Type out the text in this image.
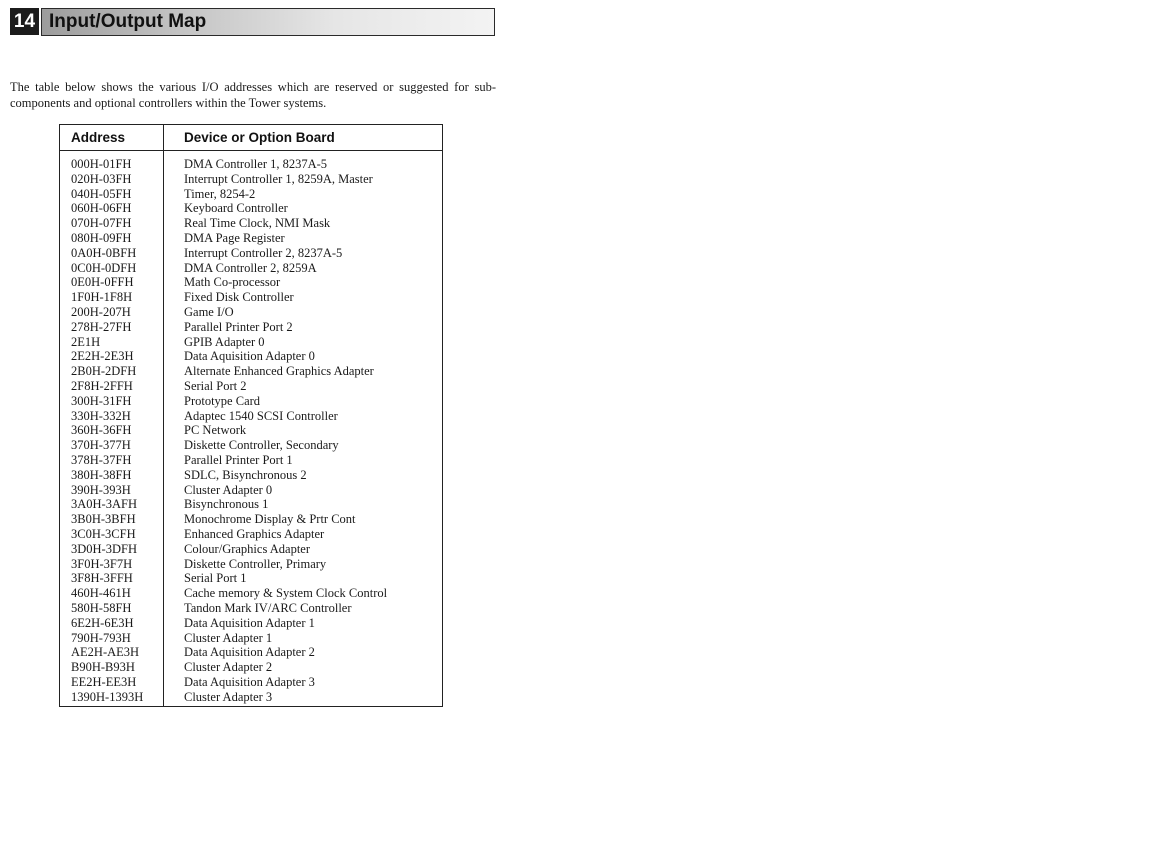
14 Input/Output Map

The table below shows the various I/O addresses which are reserved or suggested for sub-components and optional controllers within the Tower systems.

Address	Device or Option Board
000H-01FH	DMA Controller 1, 8237A-5
020H-03FH	Interrupt Controller 1, 8259A, Master
040H-05FH	Timer, 8254-2
060H-06FH	Keyboard Controller
070H-07FH	Real Time Clock, NMI Mask
080H-09FH	DMA Page Register
0A0H-0BFH	Interrupt Controller 2, 8237A-5
0C0H-0DFH	DMA Controller 2, 8259A
0E0H-0FFH	Math Co-processor
1F0H-1F8H	Fixed Disk Controller
200H-207H	Game I/O
278H-27FH	Parallel Printer Port 2
2E1H	GPIB Adapter 0
2E2H-2E3H	Data Aquisition Adapter 0
2B0H-2DFH	Alternate Enhanced Graphics Adapter
2F8H-2FFH	Serial Port 2
300H-31FH	Prototype Card
330H-332H	Adaptec 1540 SCSI Controller
360H-36FH	PC Network
370H-377H	Diskette Controller, Secondary
378H-37FH	Parallel Printer Port 1
380H-38FH	SDLC, Bisynchronous 2
390H-393H	Cluster Adapter 0
3A0H-3AFH	Bisynchronous 1
3B0H-3BFH	Monochrome Display & Prtr Cont
3C0H-3CFH	Enhanced Graphics Adapter
3D0H-3DFH	Colour/Graphics Adapter
3F0H-3F7H	Diskette Controller, Primary
3F8H-3FFH	Serial Port 1
460H-461H	Cache memory & System Clock Control
580H-58FH	Tandon Mark IV/ARC Controller
6E2H-6E3H	Data Aquisition Adapter 1
790H-793H	Cluster Adapter 1
AE2H-AE3H	Data Aquisition Adapter 2
B90H-B93H	Cluster Adapter 2
EE2H-EE3H	Data Aquisition Adapter 3
1390H-1393H	Cluster Adapter 3
